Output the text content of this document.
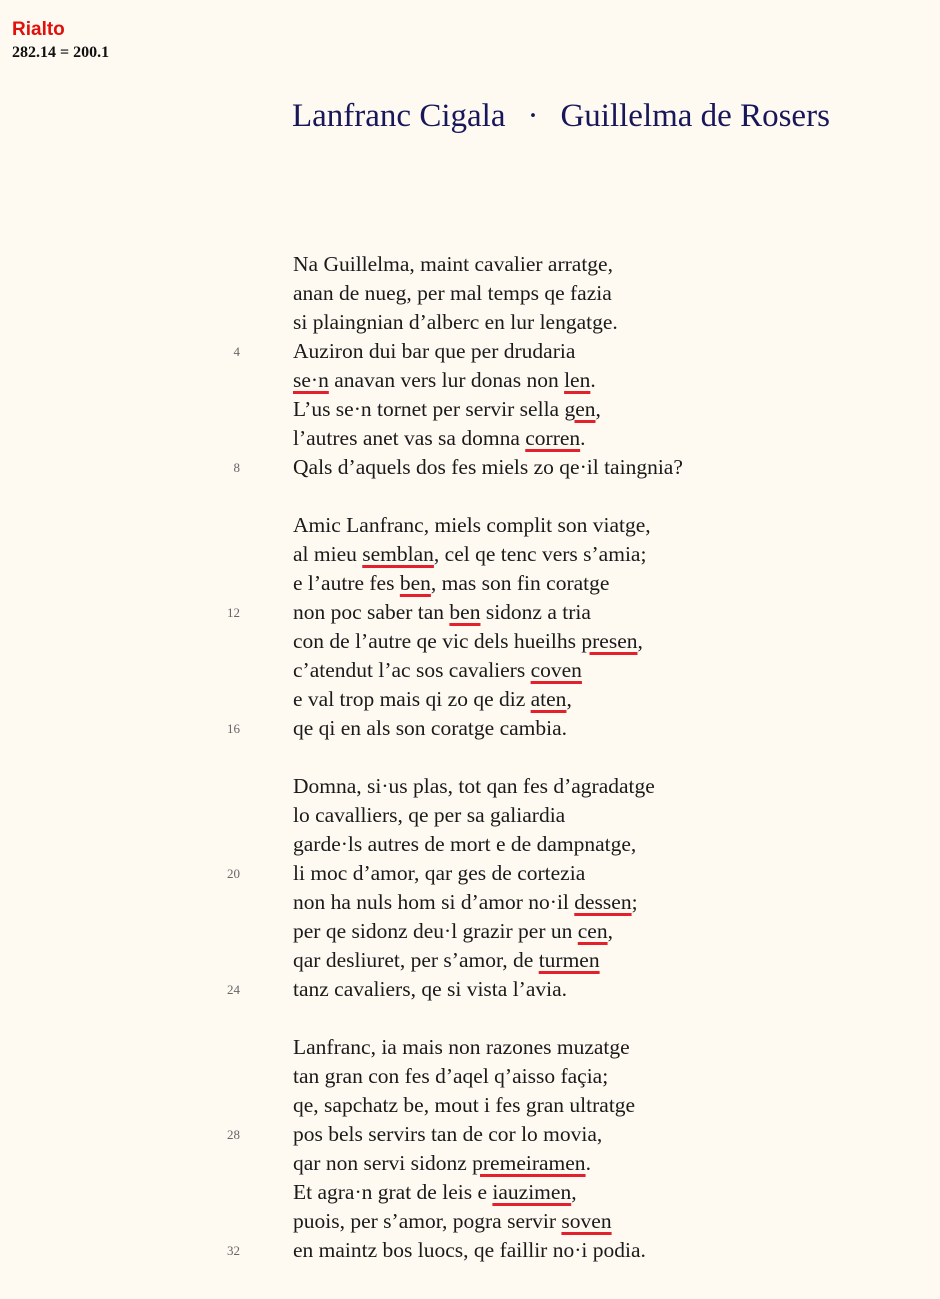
Rialto
282.14 = 200.1
Lanfranc Cigala · Guillelma de Rosers
Na Guillelma, maint cavalier arratge,
anan de nueg, per mal temps qe fazia
si plaingnian d’alberc en lur lengatge.
4 Auziron dui bar que per drudaria
se·n anavan vers lur donas non len.
L’us se·n tornet per servir sella gen,
l’autres anet vas sa domna corren.
8 Qals d’aquels dos fes miels zo qe·il taingnia?
Amic Lanfranc, miels complit son viatge,
al mieu semblan, cel qe tenc vers s’amia;
e l’autre fes ben, mas son fin coratge
12 non poc saber tan ben sidonz a tria
con de l’autre qe vic dels hueilhs presen,
c’atendut l’ac sos cavaliers coven
e val trop mais qi zo qe diz aten,
16 qe qi en als son coratge cambia.
Domna, si·us plas, tot qan fes d’agradatge
lo cavalliers, qe per sa galiardia
garde·ls autres de mort e de dampnatge,
20 li moc d’amor, qar ges de cortezia
non ha nuls hom si d’amor no·il dessen;
per qe sidonz deu·l grazir per un cen,
qar desliuret, per s’amor, de turmen
24 tanz cavaliers, qe si vista l’avia.
Lanfranc, ia mais non razones muzatge
tan gran con fes d’aqel q’aisso façia;
qe, sapchatz be, mout i fes gran ultratge
28 pos bels servirs tan de cor lo movia,
qar non servi sidonz premeiramen.
Et agra·n grat de leis e iauzimen,
puois, per s’amor, pogra servir soven
32 en maintz bos luocs, qe faillir no·i podia.
